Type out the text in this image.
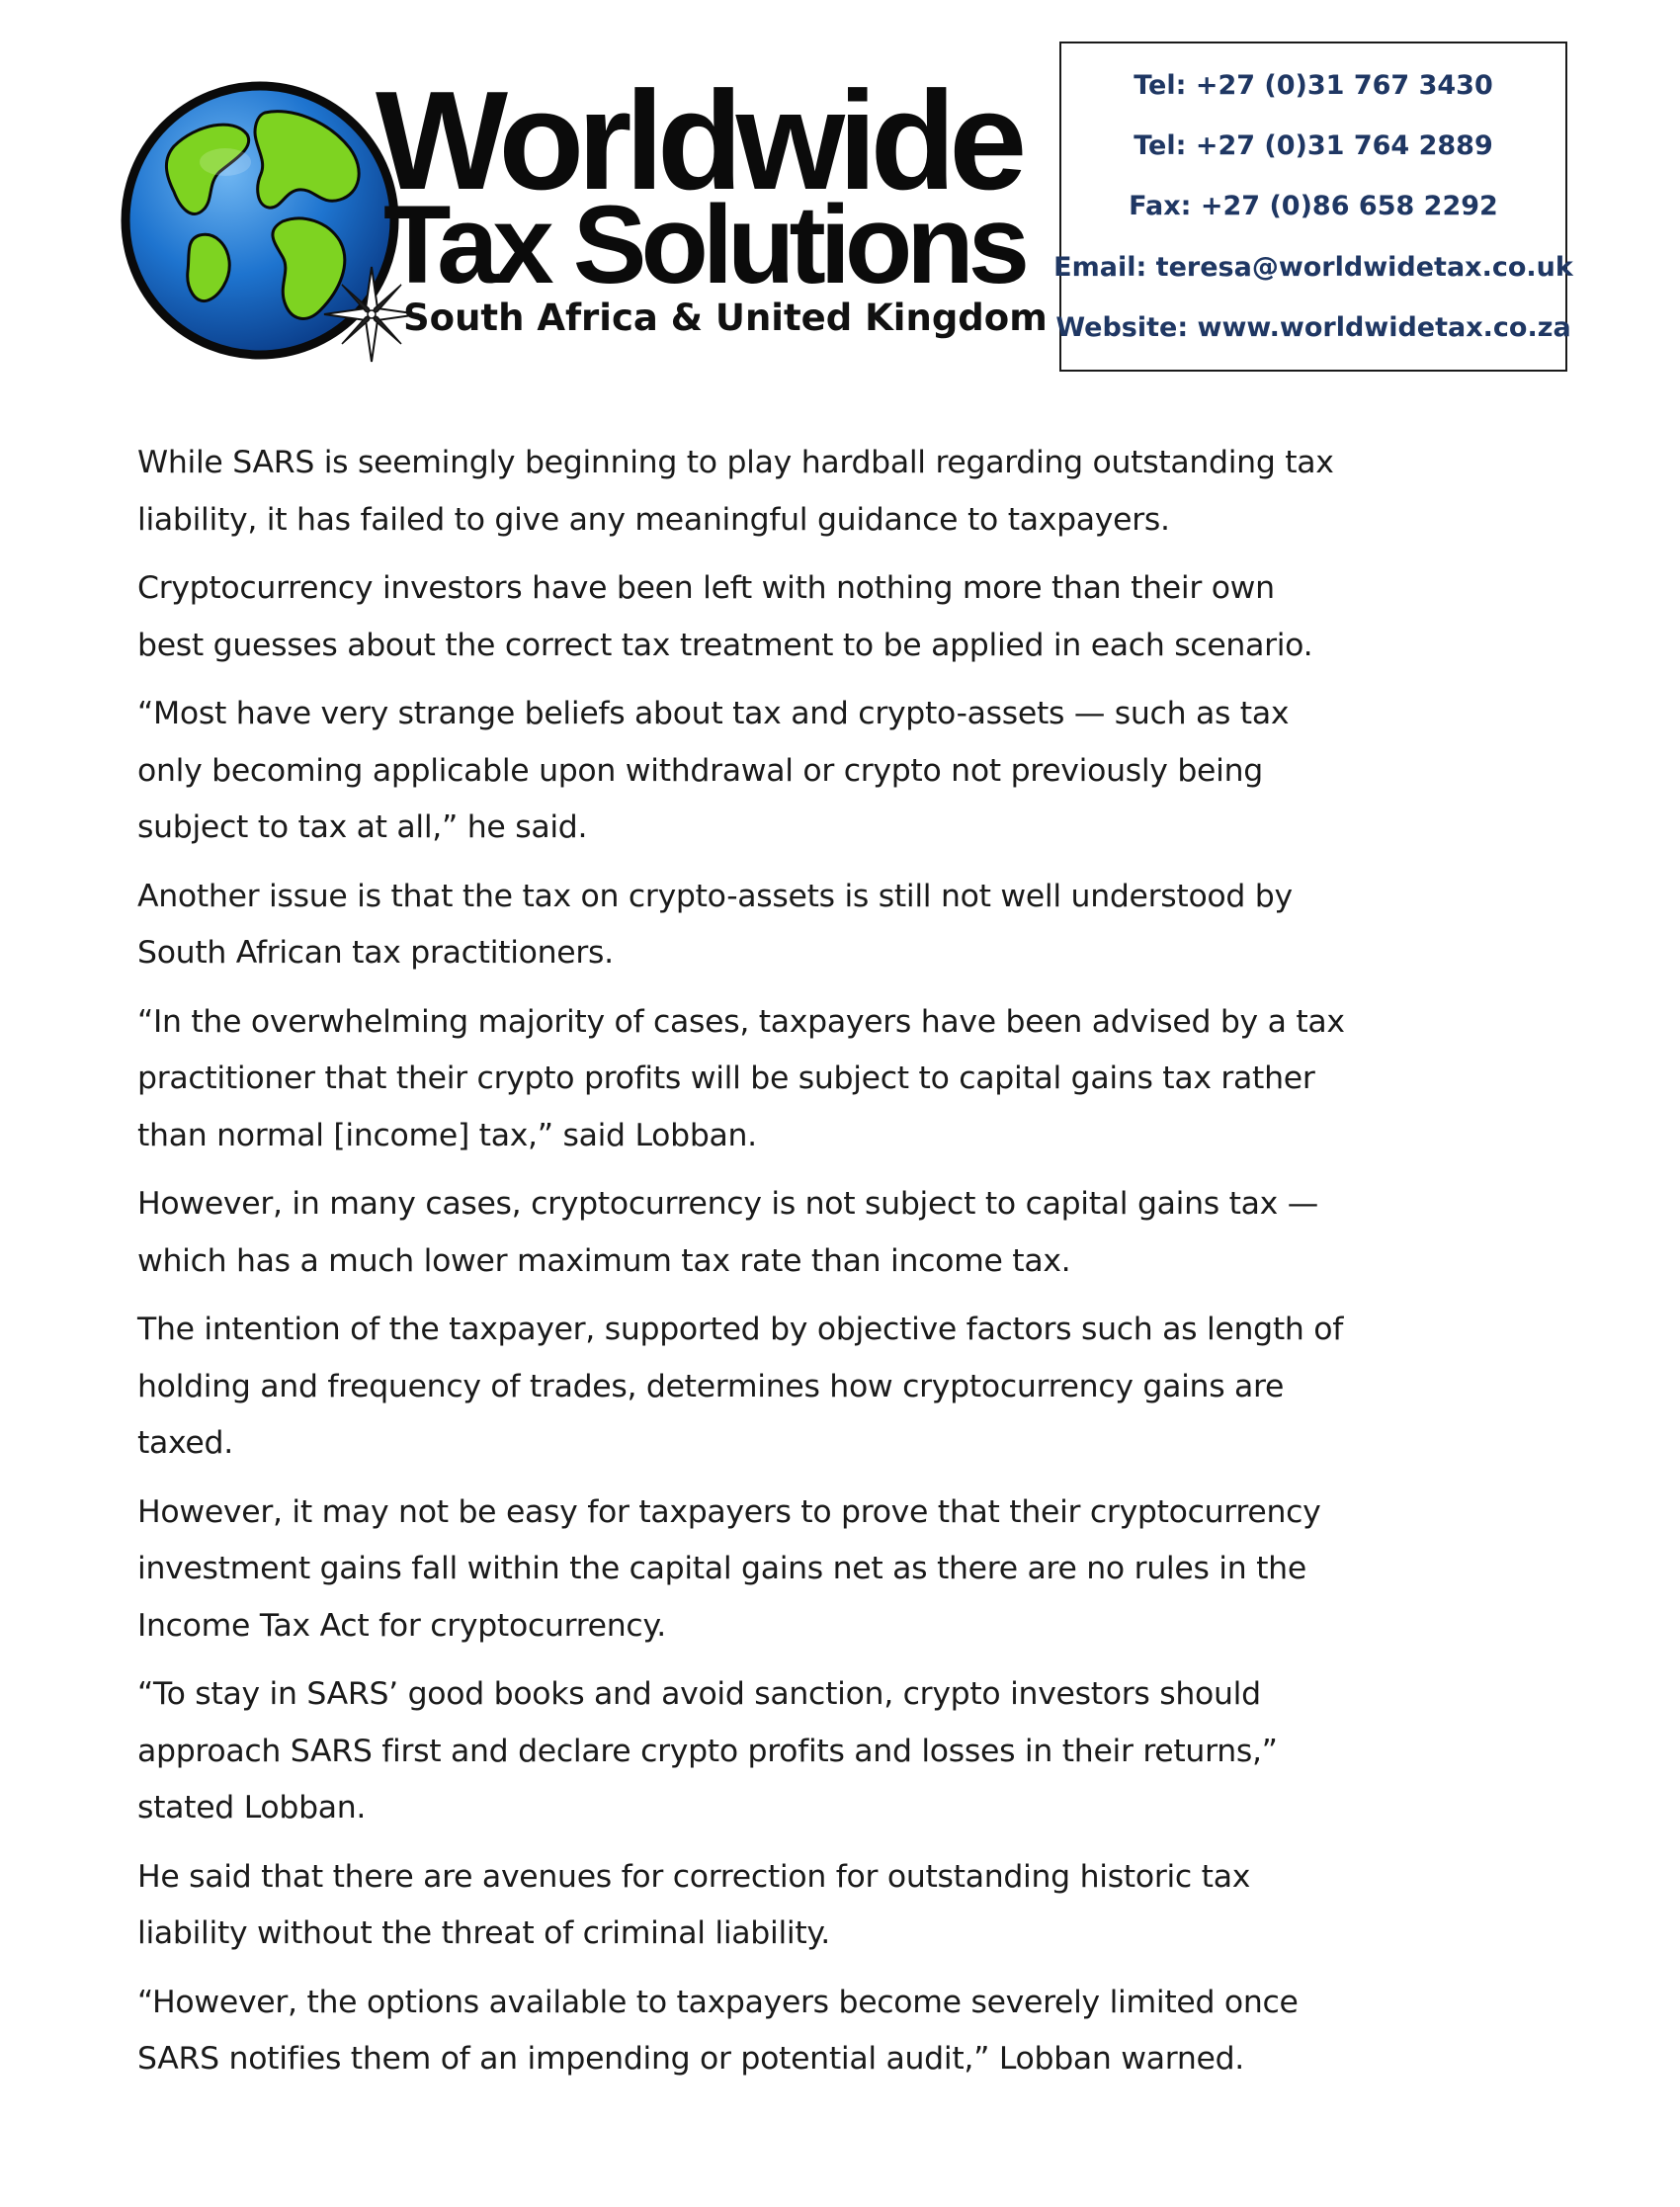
Worldwide
Tax Solutions
South Africa & United Kingdom
Tel: +27 (0)31 767 3430
Tel: +27 (0)31 764 2889
Fax: +27 (0)86 658 2292
Email: teresa@worldwidetax.co.uk
Website: www.worldwidetax.co.za

While SARS is seemingly beginning to play hardball regarding outstanding tax
liability, it has failed to give any meaningful guidance to taxpayers.

Cryptocurrency investors have been left with nothing more than their own
best guesses about the correct tax treatment to be applied in each scenario.

“Most have very strange beliefs about tax and crypto-assets — such as tax
only becoming applicable upon withdrawal or crypto not previously being
subject to tax at all,” he said.

Another issue is that the tax on crypto-assets is still not well understood by
South African tax practitioners.

“In the overwhelming majority of cases, taxpayers have been advised by a tax
practitioner that their crypto profits will be subject to capital gains tax rather
than normal [income] tax,” said Lobban.

However, in many cases, cryptocurrency is not subject to capital gains tax —
which has a much lower maximum tax rate than income tax.

The intention of the taxpayer, supported by objective factors such as length of
holding and frequency of trades, determines how cryptocurrency gains are
taxed.

However, it may not be easy for taxpayers to prove that their cryptocurrency
investment gains fall within the capital gains net as there are no rules in the
Income Tax Act for cryptocurrency.

“To stay in SARS’ good books and avoid sanction, crypto investors should
approach SARS first and declare crypto profits and losses in their returns,”
stated Lobban.

He said that there are avenues for correction for outstanding historic tax
liability without the threat of criminal liability.

“However, the options available to taxpayers become severely limited once
SARS notifies them of an impending or potential audit,” Lobban warned.
